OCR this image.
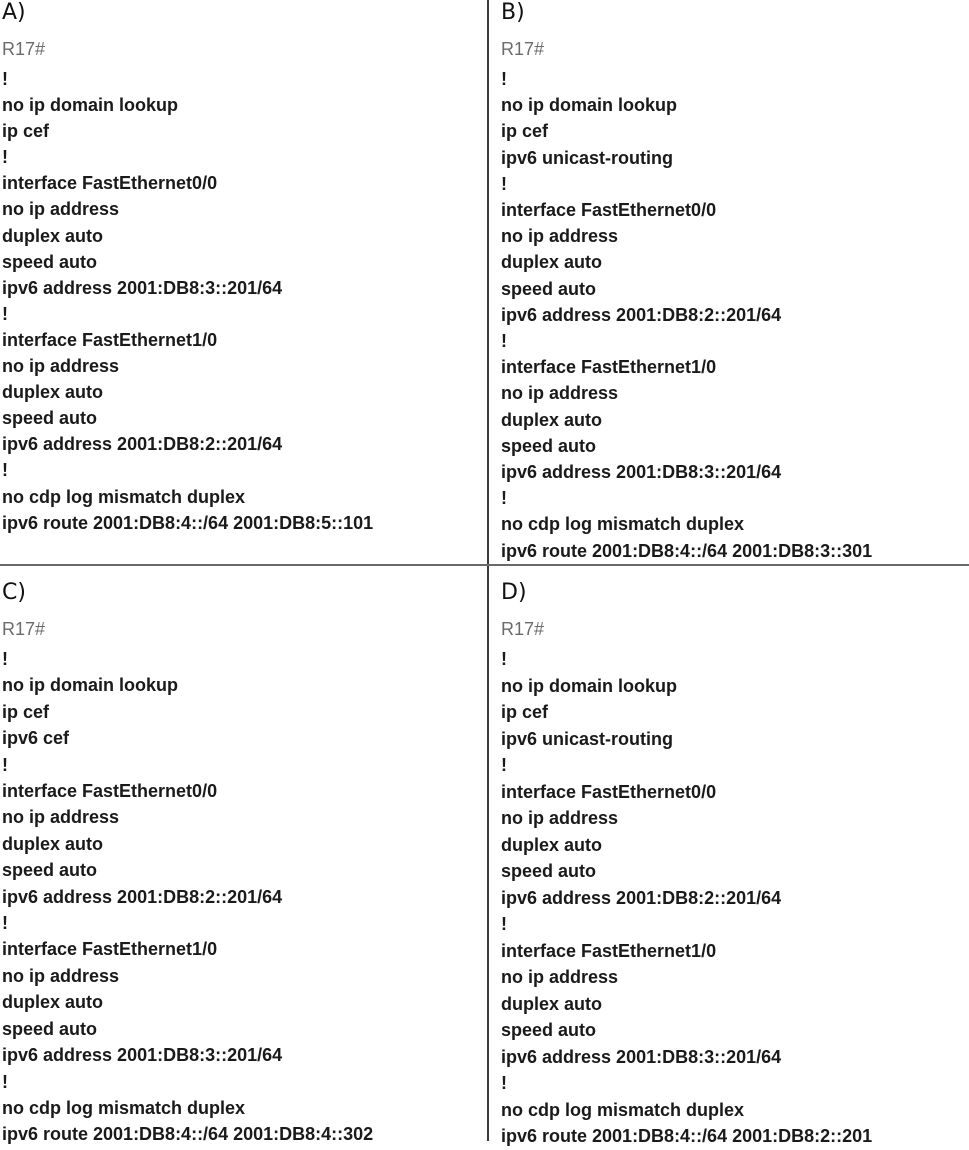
A)
R17#
!
no ip domain lookup
ip cef
!
interface FastEthernet0/0
no ip address
duplex auto
speed auto
ipv6 address 2001:DB8:3::201/64
!
interface FastEthernet1/0
no ip address
duplex auto
speed auto
ipv6 address 2001:DB8:2::201/64
!
no cdp log mismatch duplex
ipv6 route 2001:DB8:4::/64 2001:DB8:5::101
B)
R17#
!
no ip domain lookup
ip cef
ipv6 unicast-routing
!
interface FastEthernet0/0
no ip address
duplex auto
speed auto
ipv6 address 2001:DB8:2::201/64
!
interface FastEthernet1/0
no ip address
duplex auto
speed auto
ipv6 address 2001:DB8:3::201/64
!
no cdp log mismatch duplex
ipv6 route 2001:DB8:4::/64 2001:DB8:3::301
C)
R17#
!
no ip domain lookup
ip cef
ipv6 cef
!
interface FastEthernet0/0
no ip address
duplex auto
speed auto
ipv6 address 2001:DB8:2::201/64
!
interface FastEthernet1/0
no ip address
duplex auto
speed auto
ipv6 address 2001:DB8:3::201/64
!
no cdp log mismatch duplex
ipv6 route 2001:DB8:4::/64 2001:DB8:4::302
D)
R17#
!
no ip domain lookup
ip cef
ipv6 unicast-routing
!
interface FastEthernet0/0
no ip address
duplex auto
speed auto
ipv6 address 2001:DB8:2::201/64
!
interface FastEthernet1/0
no ip address
duplex auto
speed auto
ipv6 address 2001:DB8:3::201/64
!
no cdp log mismatch duplex
ipv6 route 2001:DB8:4::/64 2001:DB8:2::201
